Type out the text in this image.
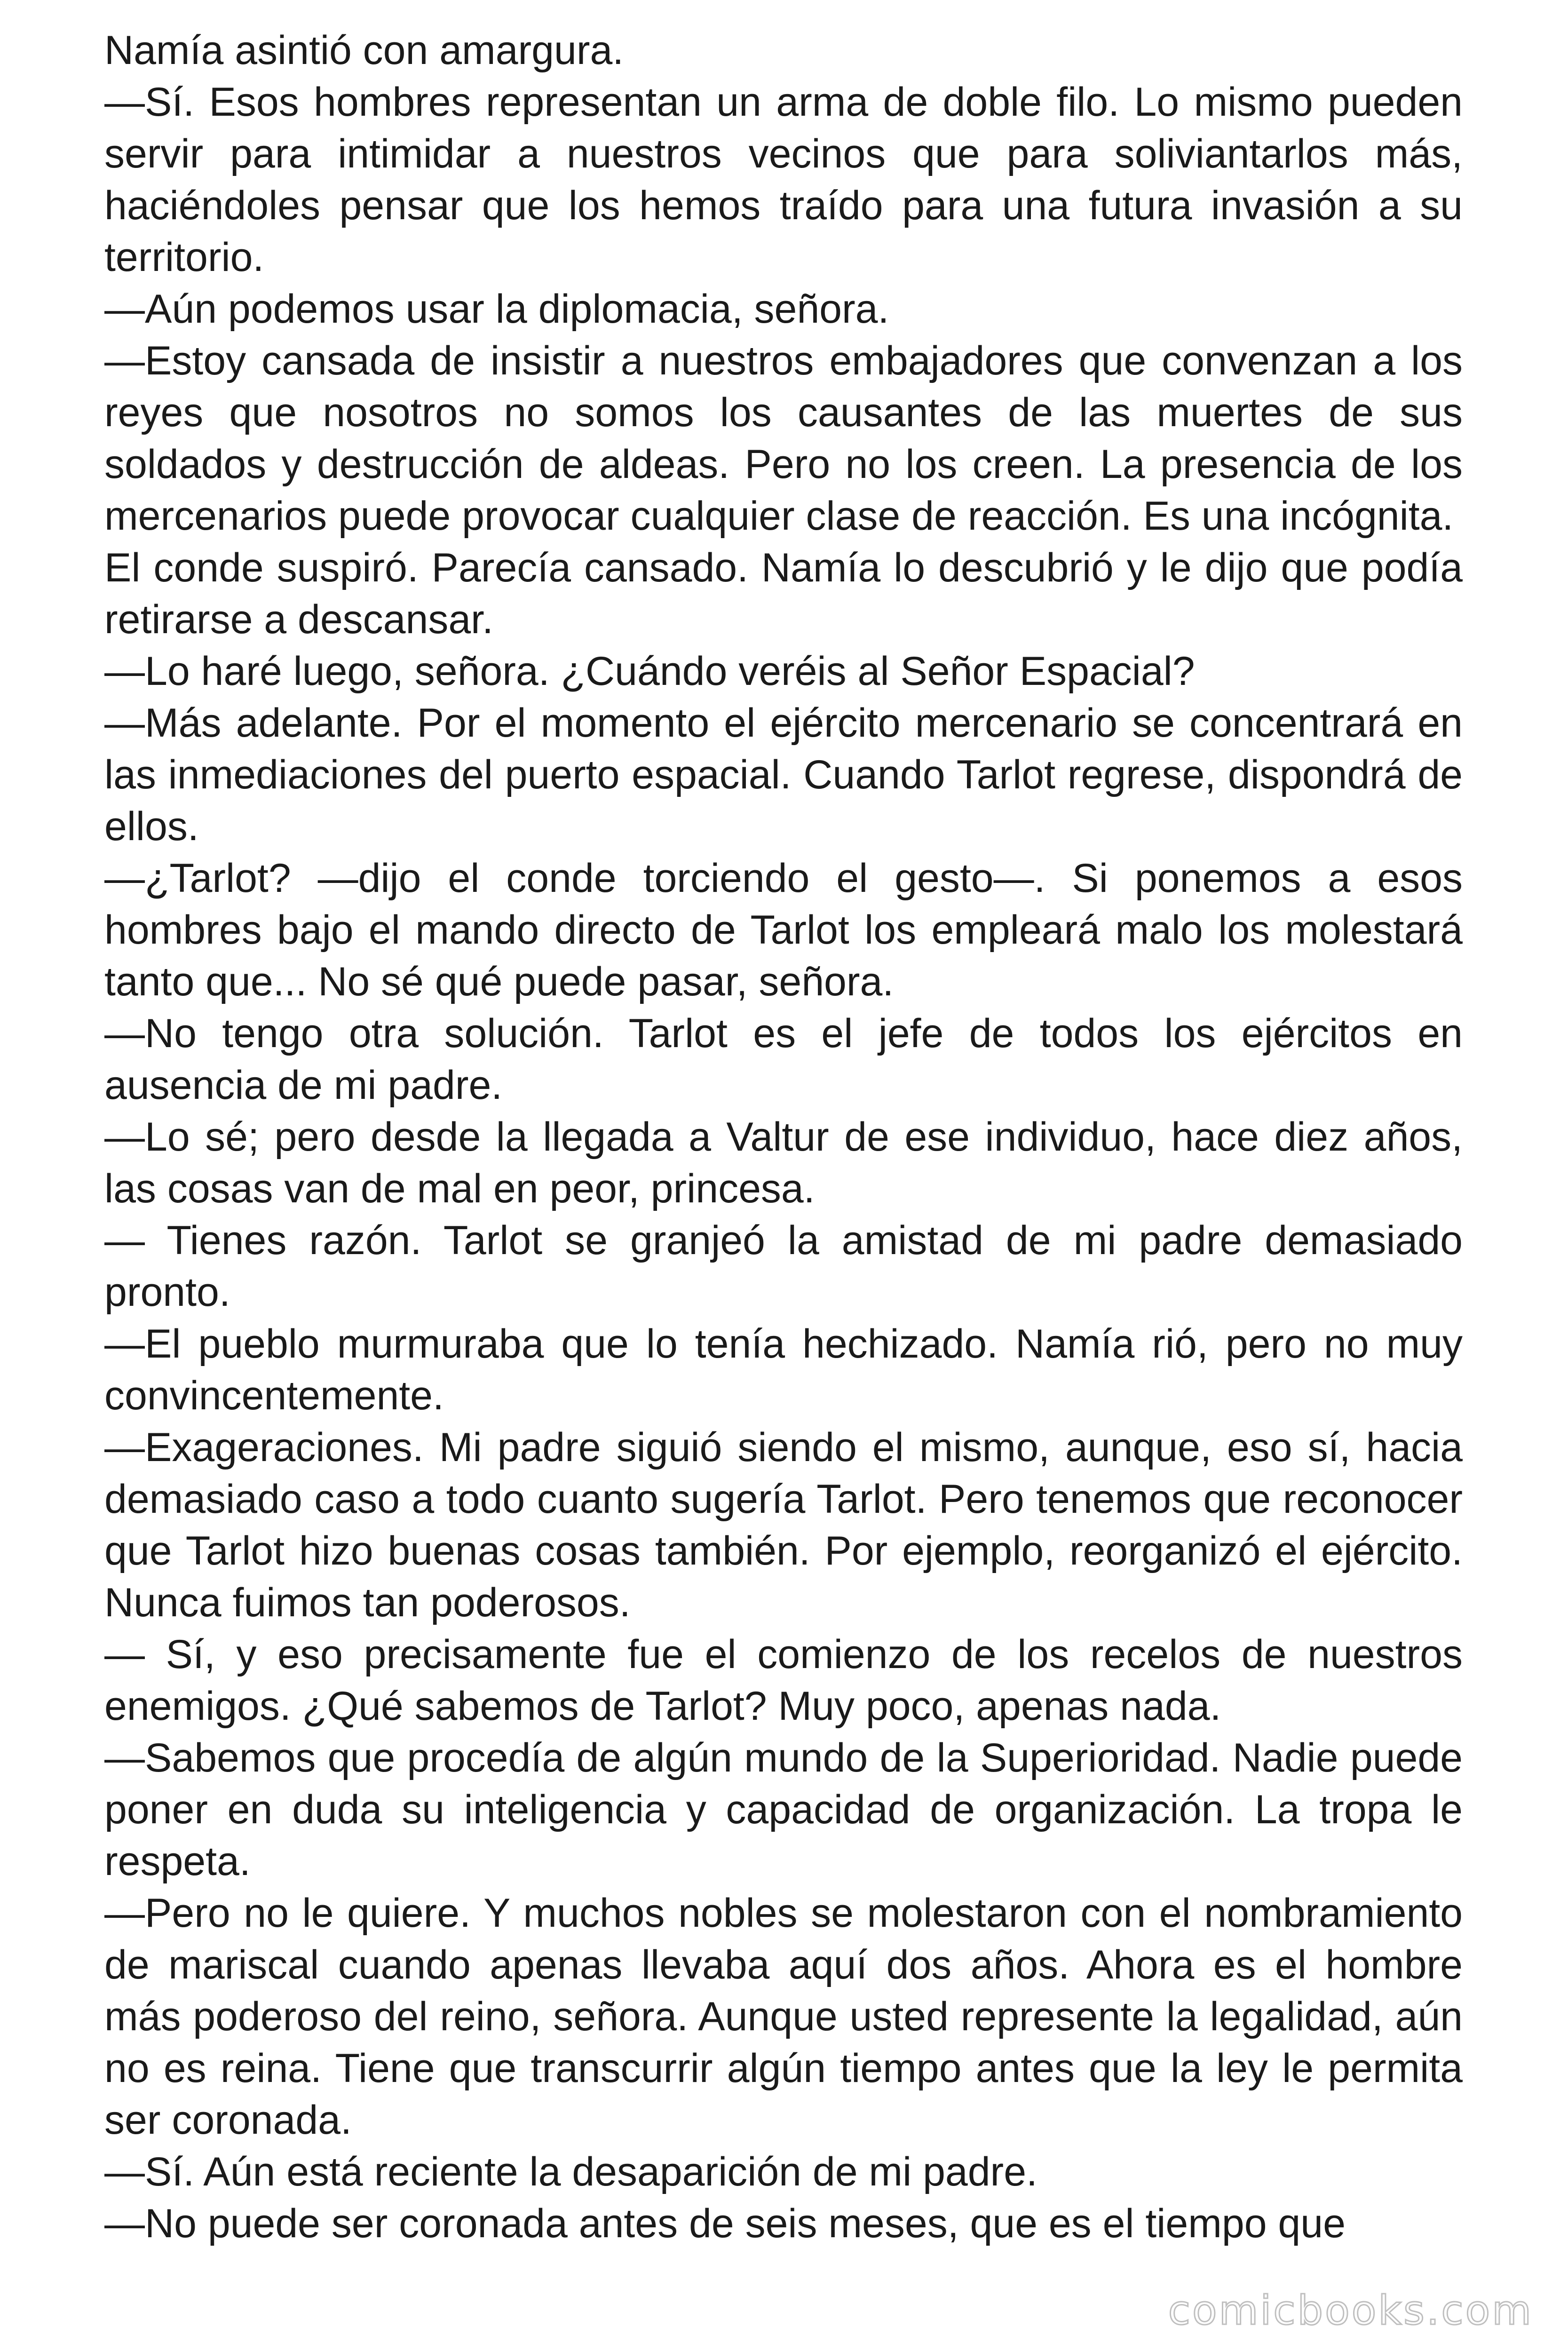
Namía asintió con amargura.

—Sí. Esos hombres representan un arma de doble filo. Lo mismo pueden servir para intimidar a nuestros vecinos que para soliviantarlos más, haciéndoles pensar que los hemos traído para una futura invasión a su territorio.

—Aún podemos usar la diplomacia, señora.

—Estoy cansada de insistir a nuestros embajadores que convenzan a los reyes que nosotros no somos los causantes de las muertes de sus soldados y destrucción de aldeas. Pero no los creen. La presencia de los mercenarios puede provocar cualquier clase de reacción. Es una incógnita.

El conde suspiró. Parecía cansado. Namía lo descubrió y le dijo que podía retirarse a descansar.

—Lo haré luego, señora. ¿Cuándo veréis al Señor Espacial?

—Más adelante. Por el momento el ejército mercenario se concentrará en las inmediaciones del puerto espacial. Cuando Tarlot regrese, dispondrá de ellos.

—¿Tarlot? —dijo el conde torciendo el gesto—. Si ponemos a esos hombres bajo el mando directo de Tarlot los empleará malo los molestará tanto que... No sé qué puede pasar, señora.

—No tengo otra solución. Tarlot es el jefe de todos los ejércitos en ausencia de mi padre.

—Lo sé; pero desde la llegada a Valtur de ese individuo, hace diez años, las cosas van de mal en peor, princesa.

— Tienes razón. Tarlot se granjeó la amistad de mi padre demasiado pronto.

—El pueblo murmuraba que lo tenía hechizado. Namía rió, pero no muy convincentemente.

—Exageraciones. Mi padre siguió siendo el mismo, aunque, eso sí, hacia demasiado caso a todo cuanto sugería Tarlot. Pero tenemos que reconocer que Tarlot hizo buenas cosas también. Por ejemplo, reorganizó el ejército. Nunca fuimos tan poderosos.

— Sí, y eso precisamente fue el comienzo de los recelos de nuestros enemigos. ¿Qué sabemos de Tarlot? Muy poco, apenas nada.

—Sabemos que procedía de algún mundo de la Superioridad. Nadie puede poner en duda su inteligencia y capacidad de organización. La tropa le respeta.

—Pero no le quiere. Y muchos nobles se molestaron con el nombramiento de mariscal cuando apenas llevaba aquí dos años. Ahora es el hombre más poderoso del reino, señora. Aunque usted represente la legalidad, aún no es reina. Tiene que transcurrir algún tiempo antes que la ley le permita ser coronada.

—Sí. Aún está reciente la desaparición de mi padre.

—No puede ser coronada antes de seis meses, que es el tiempo que

comicbooks.com
